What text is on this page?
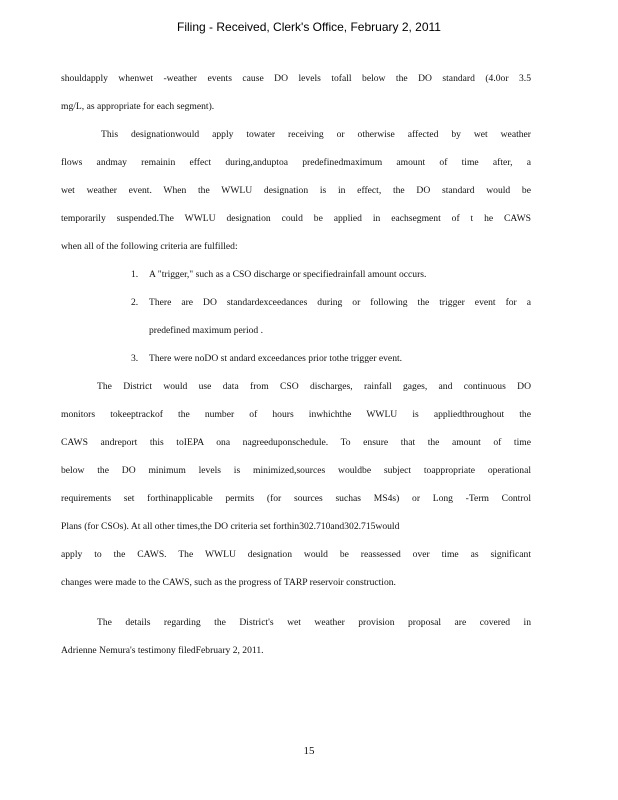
Filing - Received, Clerk's Office, February 2, 2011
shouldapply whenwet -weather events cause DO levels tofall below the DO standard (4.0or 3.5
mg/L, as appropriate for each segment).
This designationwould apply towater receiving or otherwise affected by wet weather
flows andmay remainin effect during,anduptoa predefinedmaximum amount of time after, a
wet weather event. When the WWLU designation is in effect, the DO standard would be
temporarily suspended.The WWLU designation could be applied in eachsegment of t he CAWS
when all of the following criteria are fulfilled:
1. A "trigger," such as a CSO discharge or specifiedrainfall amount occurs.
2. There are DO standardexceedances during or following the trigger event for a
predefined maximum period .
3. There were noDO st andard exceedances prior tothe trigger event.
The District would use data from CSO discharges, rainfall gages, and continuous DO
monitors tokeeptrackof the number of hours inwhichthe WWLU is appliedthroughout the
CAWS andreport this toIEPA ona nagreeduponschedule. To ensure that the amount of time
below the DO minimum levels is minimized,sources wouldbe subject toappropriate operational
requirements set forthinapplicable permits (for sources suchas MS4s) or Long -Term Control
Plans (for CSOs). At all other times,the DO criteria set forthin302.710and302.715would
apply to the CAWS. The WWLU designation would be reassessed over time as significant
changes were made to the CAWS, such as the progress of TARP reservoir construction.
The details regarding the District's wet weather provision proposal are covered in
Adrienne Nemura's testimony filedFebruary 2, 2011.
15
